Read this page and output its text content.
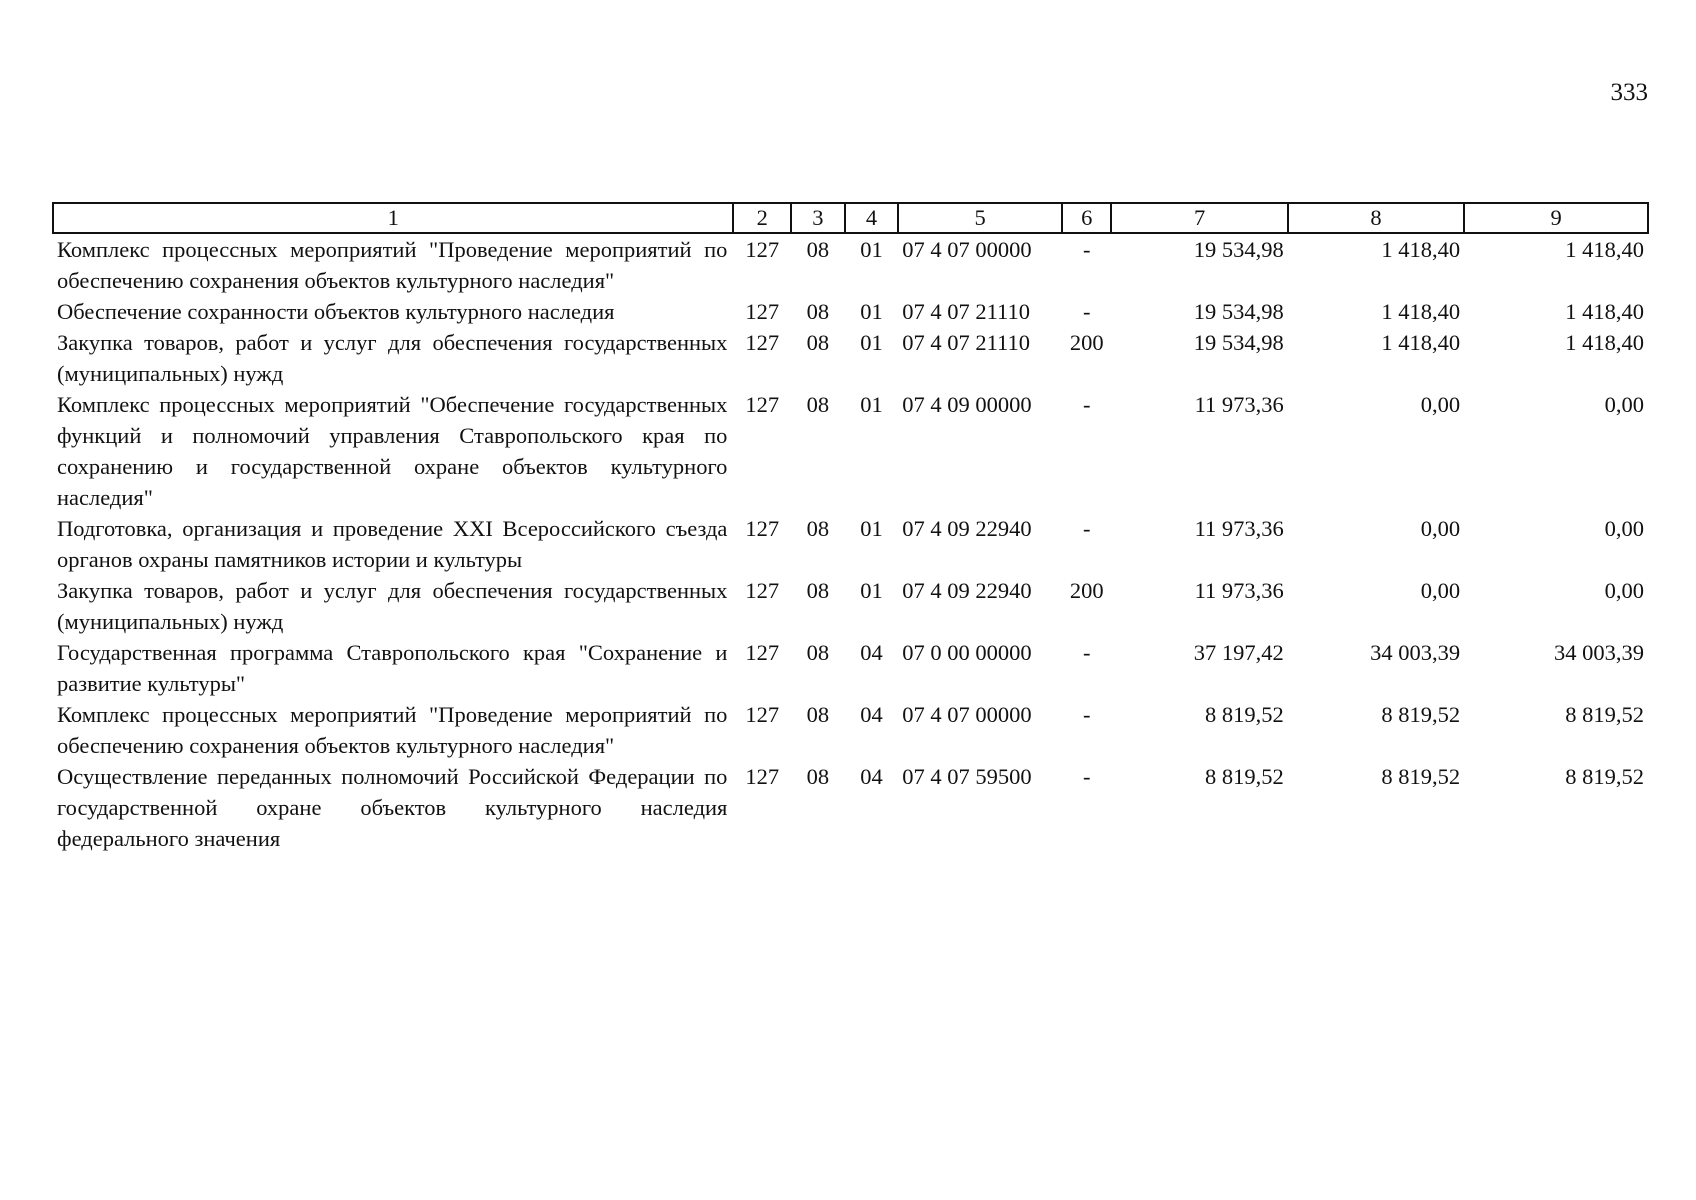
333
1	2	3	4	5	6	7	8	9
Комплекс процессных мероприятий "Проведение мероприятий по обеспечению сохранения объектов культурного наследия"	127	08	01	07 4 07 00000	-	19 534,98	1 418,40	1 418,40
Обеспечение сохранности объектов культурного наследия	127	08	01	07 4 07 21110	-	19 534,98	1 418,40	1 418,40
Закупка товаров, работ и услуг для обеспечения государственных (муниципальных) нужд	127	08	01	07 4 07 21110	200	19 534,98	1 418,40	1 418,40
Комплекс процессных мероприятий "Обеспечение государственных функций и полномочий управления Ставропольского края по сохранению и государственной охране объектов культурного наследия"	127	08	01	07 4 09 00000	-	11 973,36	0,00	0,00
Подготовка, организация и проведение XXI Всероссийского съезда органов охраны памятников истории и культуры	127	08	01	07 4 09 22940	-	11 973,36	0,00	0,00
Закупка товаров, работ и услуг для обеспечения государственных (муниципальных) нужд	127	08	01	07 4 09 22940	200	11 973,36	0,00	0,00
Государственная программа Ставропольского края "Сохранение и развитие культуры"	127	08	04	07 0 00 00000	-	37 197,42	34 003,39	34 003,39
Комплекс процессных мероприятий "Проведение мероприятий по обеспечению сохранения объектов культурного наследия"	127	08	04	07 4 07 00000	-	8 819,52	8 819,52	8 819,52
Осуществление переданных полномочий Российской Федерации по государственной охране объектов культурного наследия федерального значения	127	08	04	07 4 07 59500	-	8 819,52	8 819,52	8 819,52
